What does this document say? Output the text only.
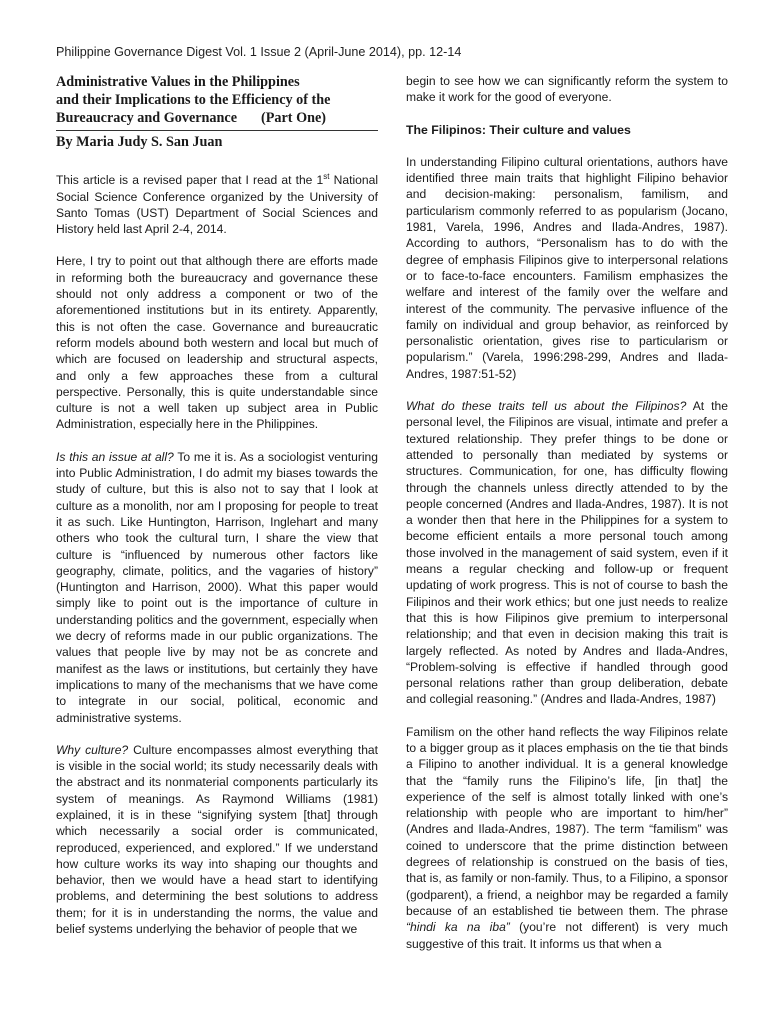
Philippine Governance Digest Vol. 1 Issue 2 (April-June 2014), pp. 12-14
Administrative Values in the Philippines
and their Implications to the Efficiency of the
Bureaucracy and Governance (Part One)
By Maria Judy S. San Juan

This article is a revised paper that I read at the 1st National Social Science Conference organized by the University of Santo Tomas (UST) Department of Social Sciences and History held last April 2-4, 2014.

Here, I try to point out that although there are efforts made in reforming both the bureaucracy and governance these should not only address a component or two of the aforementioned institutions but in its entirety. Apparently, this is not often the case. Governance and bureaucratic reform models abound both western and local but much of which are focused on leadership and structural aspects, and only a few approaches these from a cultural perspective. Personally, this is quite understandable since culture is not a well taken up subject area in Public Administration, especially here in the Philippines.

Is this an issue at all? To me it is. As a sociologist venturing into Public Administration, I do admit my biases towards the study of culture, but this is also not to say that I look at culture as a monolith, nor am I proposing for people to treat it as such. Like Huntington, Harrison, Inglehart and many others who took the cultural turn, I share the view that culture is “influenced by numerous other factors like geography, climate, politics, and the vagaries of history” (Huntington and Harrison, 2000). What this paper would simply like to point out is the importance of culture in understanding politics and the government, especially when we decry of reforms made in our public organizations. The values that people live by may not be as concrete and manifest as the laws or institutions, but certainly they have implications to many of the mechanisms that we have come to integrate in our social, political, economic and administrative systems.

Why culture? Culture encompasses almost everything that is visible in the social world; its study necessarily deals with the abstract and its nonmaterial components particularly its system of meanings. As Raymond Williams (1981) explained, it is in these “signifying system [that] through which necessarily a social order is communicated, reproduced, experienced, and explored.” If we understand how culture works its way into shaping our thoughts and behavior, then we would have a head start to identifying problems, and determining the best solutions to address them; for it is in understanding the norms, the value and belief systems underlying the behavior of people that we

begin to see how we can significantly reform the system to make it work for the good of everyone.

The Filipinos: Their culture and values

In understanding Filipino cultural orientations, authors have identified three main traits that highlight Filipino behavior and decision-making: personalism, familism, and particularism commonly referred to as popularism (Jocano, 1981, Varela, 1996, Andres and Ilada-Andres, 1987). According to authors, “Personalism has to do with the degree of emphasis Filipinos give to interpersonal relations or to face-to-face encounters. Familism emphasizes the welfare and interest of the family over the welfare and interest of the community. The pervasive influence of the family on individual and group behavior, as reinforced by personalistic orientation, gives rise to particularism or popularism.” (Varela, 1996:298-299, Andres and Ilada-Andres, 1987:51-52)

What do these traits tell us about the Filipinos? At the personal level, the Filipinos are visual, intimate and prefer a textured relationship. They prefer things to be done or attended to personally than mediated by systems or structures. Communication, for one, has difficulty flowing through the channels unless directly attended to by the people concerned (Andres and Ilada-Andres, 1987). It is not a wonder then that here in the Philippines for a system to become efficient entails a more personal touch among those involved in the management of said system, even if it means a regular checking and follow-up or frequent updating of work progress. This is not of course to bash the Filipinos and their work ethics; but one just needs to realize that this is how Filipinos give premium to interpersonal relationship; and that even in decision making this trait is largely reflected. As noted by Andres and Ilada-Andres, “Problem-solving is effective if handled through good personal relations rather than group deliberation, debate and collegial reasoning.” (Andres and Ilada-Andres, 1987)

Familism on the other hand reflects the way Filipinos relate to a bigger group as it places emphasis on the tie that binds a Filipino to another individual. It is a general knowledge that the “family runs the Filipino’s life, [in that] the experience of the self is almost totally linked with one’s relationship with people who are important to him/her” (Andres and Ilada-Andres, 1987). The term “familism” was coined to underscore that the prime distinction between degrees of relationship is construed on the basis of ties, that is, as family or non-family. Thus, to a Filipino, a sponsor (godparent), a friend, a neighbor may be regarded a family because of an established tie between them. The phrase “hindi ka na iba” (you’re not different) is very much suggestive of this trait. It informs us that when a
